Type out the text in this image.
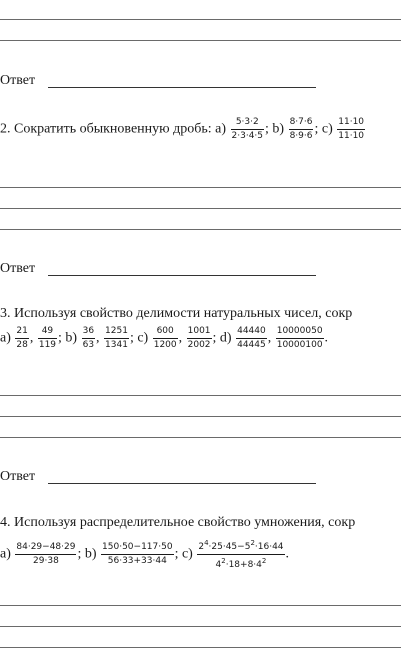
Ответ
2. Сократить обыкновенную дробь: $a) \frac{5\cdot 3\cdot 2}{2\cdot 3\cdot 4\cdot 5}$ ; $b) \frac{8\cdot 7\cdot 6}{8\cdot 9\cdot 6}$ ; $c) \frac{11\cdot 10}{11\cdot 10}$
Ответ
3. Используя свойство делимости натуральных чисел, сокр
$a) \frac{21}{28}$ , $\frac{49}{119}$ ; $b) \frac{36}{63}$ , $\frac{1251}{1341}$ ; $c) \frac{600}{1200}$ , $\frac{1001}{2002}$ ; $d) \frac{44440}{44445}$ , $\frac{10000050}{10000100}$ .
Ответ
4. Используя распределительное свойство умножения, сокр
$a) \frac{84\cdot 29-48\cdot 29}{29\cdot 38}$ ; $b) \frac{150\cdot 50-117\cdot 50}{56\cdot 33+33\cdot 44}$ ; $c) \frac{2^4\cdot 25\cdot 45-5^2\cdot 16\cdot 44}{4^2\cdot 18+8\cdot 4^2}$ .
